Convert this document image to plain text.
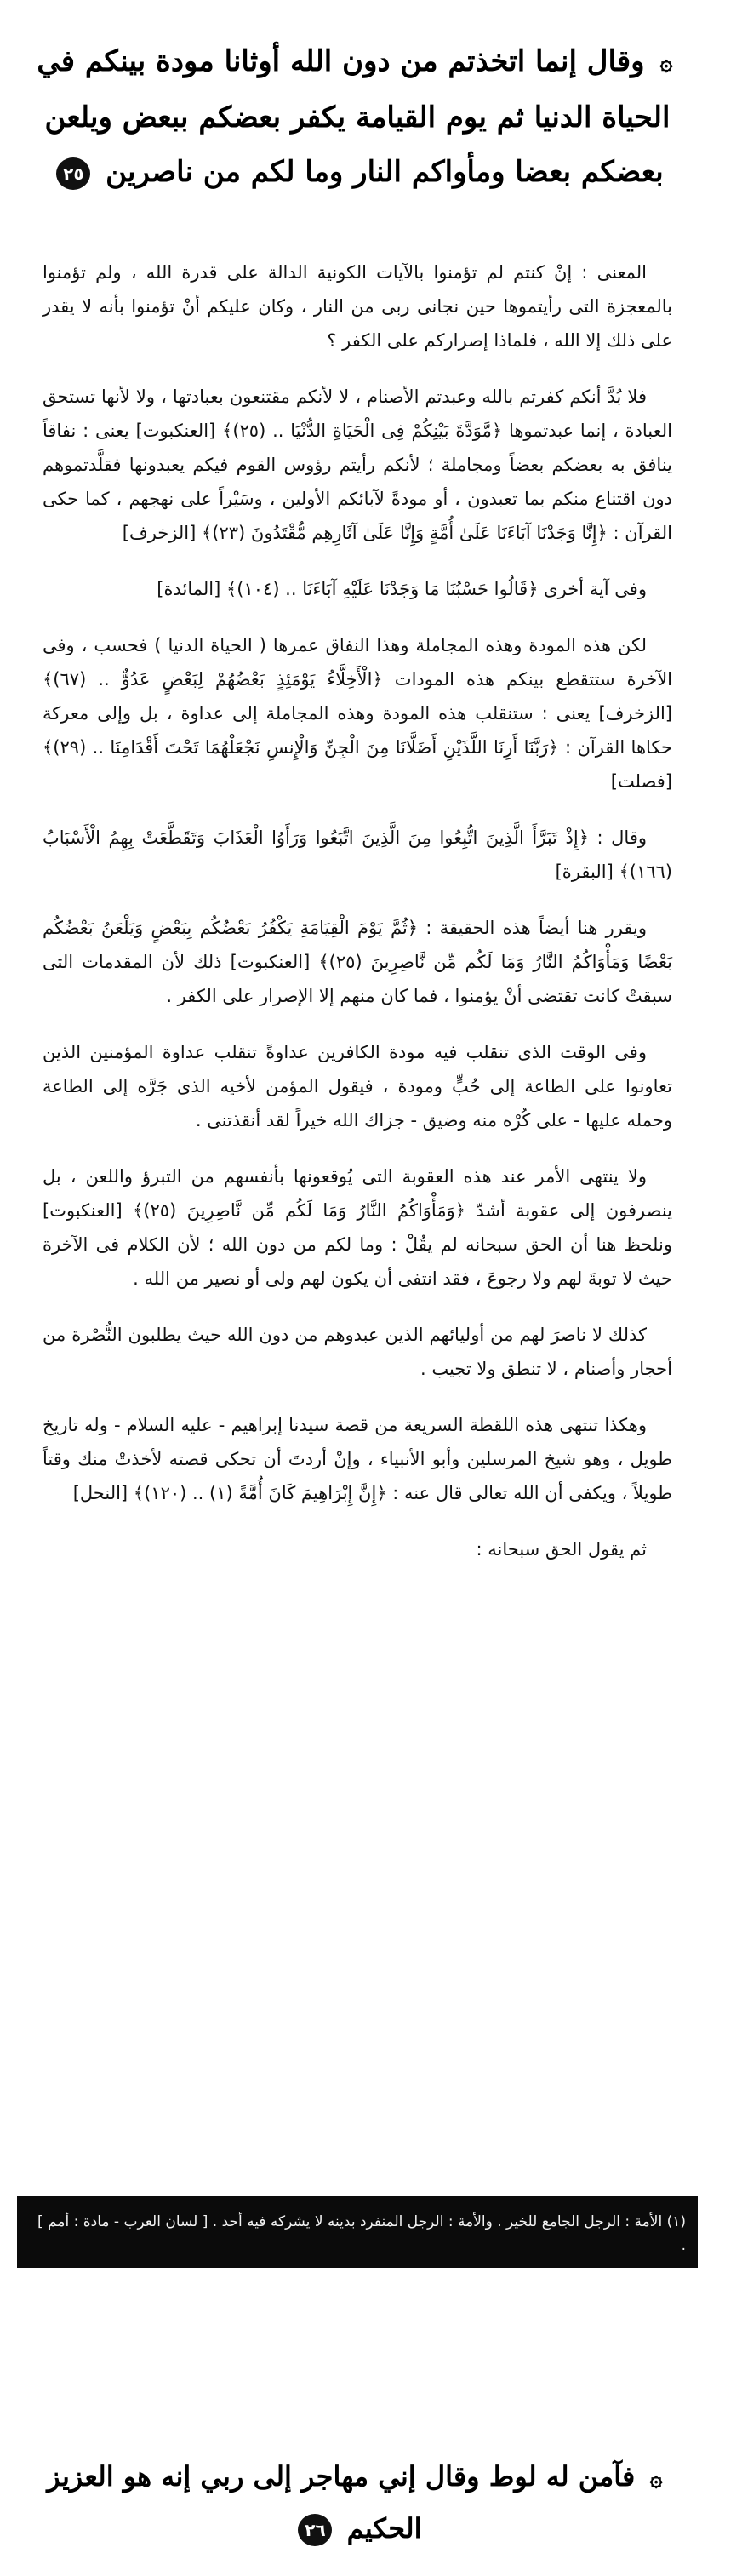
۞ وقال إنما اتخذتم من دون الله أوثانا مودة بينكم في الحياة الدنيا ثم يوم القيامة يكفر بعضكم ببعض ويلعن بعضكم بعضا ومأواكم النار وما لكم من ناصرين ٢٥

المعنى : إنْ كنتم لم تؤمنوا بالآيات الكونية الدالة على قدرة الله ، ولم تؤمنوا بالمعجزة التى رأيتموها حين نجانى ربى من النار ، وكان عليكم أنْ تؤمنوا بأنه لا يقدر على ذلك إلا الله ، فلماذا إصراركم على الكفر ؟

فلا بُدَّ أنكم كفرتم بالله وعبدتم الأصنام ، لا لأنكم مقتنعون بعبادتها ، ولا لأنها تستحق العبادة ، إنما عبدتموها ﴿مَّوَدَّةَ بَيْنِكُمْ فِى الْحَيَاةِ الدُّنْيَا .. (٢٥)﴾ [العنكبوت] يعنى : نفاقاً ينافق به بعضكم بعضاً ومجاملة ؛ لأنكم رأيتم رؤوس القوم فيكم يعبدونها فقلَّدتموهم دون اقتناع منكم بما تعبدون ، أو مودةً لآبائكم الأولين ، وسَيْراً على نهجهم ، كما حكى القرآن : ﴿إِنَّا وَجَدْنَا آبَاءَنَا عَلَىٰ أُمَّةٍ وَإِنَّا عَلَىٰ آثَارِهِم مُّقْتَدُونَ (٢٣)﴾ [الزخرف]

وفى آية أخرى ﴿قَالُوا حَسْبُنَا مَا وَجَدْنَا عَلَيْهِ آبَاءَنَا .. (١٠٤)﴾ [المائدة]

لكن هذه المودة وهذه المجاملة وهذا النفاق عمرها ( الحياة الدنيا ) فحسب ، وفى الآخرة ستتقطع بينكم هذه المودات ﴿الْأَخِلَّاءُ يَوْمَئِذٍ بَعْضُهُمْ لِبَعْضٍ عَدُوٌّ .. (٦٧)﴾ [الزخرف] يعنى : ستنقلب هذه المودة وهذه المجاملة إلى عداوة ، بل وإلى معركة حكاها القرآن : ﴿رَبَّنَا أَرِنَا اللَّذَيْنِ أَضَلَّانَا مِنَ الْجِنِّ وَالْإِنسِ نَجْعَلْهُمَا تَحْتَ أَقْدَامِنَا .. (٢٩)﴾ [فصلت]

وقال : ﴿إِذْ تَبَرَّأَ الَّذِينَ اتُّبِعُوا مِنَ الَّذِينَ اتَّبَعُوا وَرَأَوُا الْعَذَابَ وَتَقَطَّعَتْ بِهِمُ الْأَسْبَابُ (١٦٦)﴾ [البقرة]

ويقرر هنا أيضاً هذه الحقيقة : ﴿ثُمَّ يَوْمَ الْقِيَامَةِ يَكْفُرُ بَعْضُكُم بِبَعْضٍ وَيَلْعَنُ بَعْضُكُم بَعْضًا وَمَأْوَاكُمُ النَّارُ وَمَا لَكُم مِّن نَّاصِرِينَ (٢٥)﴾ [العنكبوت] ذلك لأن المقدمات التى سبقتْ كانت تقتضى أنْ يؤمنوا ، فما كان منهم إلا الإصرار على الكفر .

وفى الوقت الذى تنقلب فيه مودة الكافرين عداوةً تنقلب عداوة المؤمنين الذين تعاونوا على الطاعة إلى حُبٍّ ومودة ، فيقول المؤمن لأخيه الذى جَرَّه إلى الطاعة وحمله عليها - على كُرْه منه وضيق - جزاك الله خيراً لقد أنقذتنى .

ولا ينتهى الأمر عند هذه العقوبة التى يُوقعونها بأنفسهم من التبرؤ واللعن ، بل ينصرفون إلى عقوبة أشدّ ﴿وَمَأْوَاكُمُ النَّارُ وَمَا لَكُم مِّن نَّاصِرِينَ (٢٥)﴾ [العنكبوت] ونلحظ هنا أن الحق سبحانه لم يقُلْ : وما لكم من دون الله ؛ لأن الكلام فى الآخرة حيث لا توبةَ لهم ولا رجوعَ ، فقد انتفى أن يكون لهم ولى أو نصير من الله .

كذلك لا ناصرَ لهم من أوليائهم الذين عبدوهم من دون الله حيث يطلبون النُّصْرة من أحجار وأصنام ، لا تنطق ولا تجيب .

وهكذا تنتهى هذه اللقطة السريعة من قصة سيدنا إبراهيم - عليه السلام - وله تاريخ طويل ، وهو شيخ المرسلين وأبو الأنبياء ، وإنْ أردتَ أن تحكى قصته لأخذتْ منك وقتاً طويلاً ، ويكفى أن الله تعالى قال عنه : ﴿إِنَّ إِبْرَاهِيمَ كَانَ أُمَّةً (١) .. (١٢٠)﴾ [النحل]

ثم يقول الحق سبحانه :

(١) الأمة : الرجل الجامع للخير . والأمة : الرجل المنفرد بدينه لا يشركه فيه أحد . [ لسان العرب - مادة : أمم ] .
۞ فآمن له لوط وقال إني مهاجر إلى ربي إنه هو العزيز الحكيم ٢٦
